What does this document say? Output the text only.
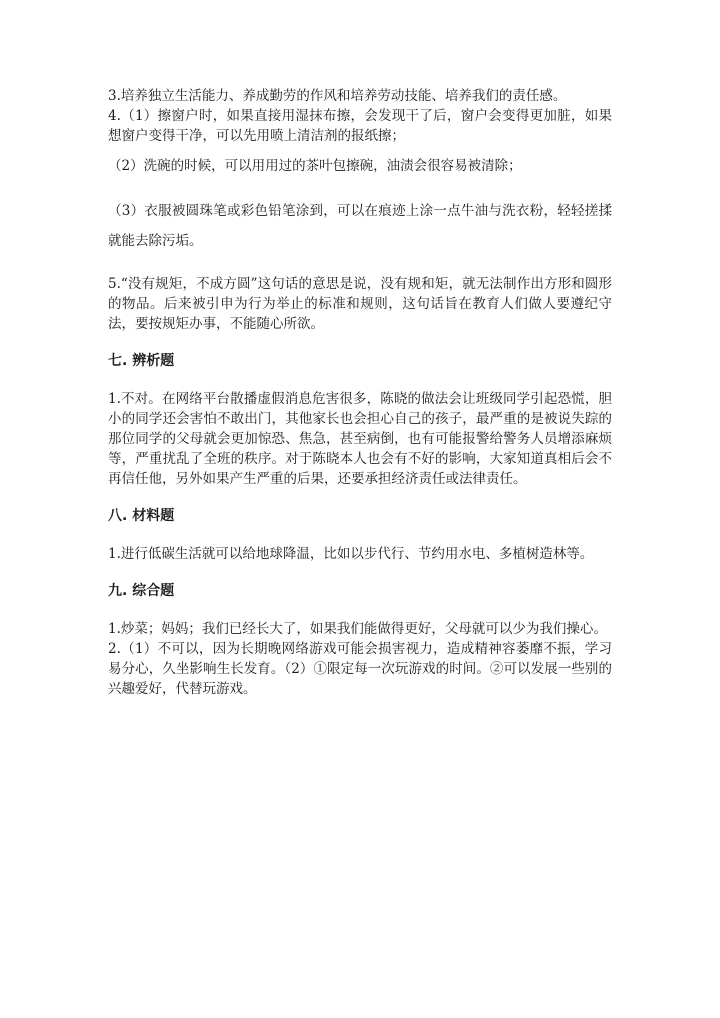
3.培养独立生活能力、养成勤劳的作风和培养劳动技能、培养我们的责任感。

4.（1）擦窗户时，如果直接用湿抹布擦，会发现干了后，窗户会变得更加脏，如果想窗户变得干净，可以先用喷上清洁剂的报纸擦；

（2）洗碗的时候，可以用用过的茶叶包擦碗，油渍会很容易被清除；

（3）衣服被圆珠笔或彩色铅笔涂到，可以在痕迹上涂一点牛油与洗衣粉，轻轻搓揉就能去除污垢。

5.“没有规矩，不成方圆”这句话的意思是说，没有规和矩，就无法制作出方形和圆形的物品。后来被引申为行为举止的标准和规则，这句话旨在教育人们做人要遵纪守法，要按规矩办事，不能随心所欲。

七. 辨析题

1.不对。在网络平台散播虚假消息危害很多，陈晓的做法会让班级同学引起恐慌，胆小的同学还会害怕不敢出门，其他家长也会担心自己的孩子，最严重的是被说失踪的那位同学的父母就会更加惊恐、焦急，甚至病倒，也有可能报警给警务人员增添麻烦等，严重扰乱了全班的秩序。对于陈晓本人也会有不好的影响，大家知道真相后会不再信任他，另外如果产生严重的后果，还要承担经济责任或法律责任。

八. 材料题

1.进行低碳生活就可以给地球降温，比如以步代行、节约用水电、多植树造林等。

九. 综合题

1.炒菜；妈妈；我们已经长大了，如果我们能做得更好，父母就可以少为我们操心。

2.（1）不可以，因为长期晚网络游戏可能会损害视力，造成精神容萎靡不振，学习易分心，久坐影响生长发育。（2）①限定每一次玩游戏的时间。②可以发展一些别的兴趣爱好，代替玩游戏。
